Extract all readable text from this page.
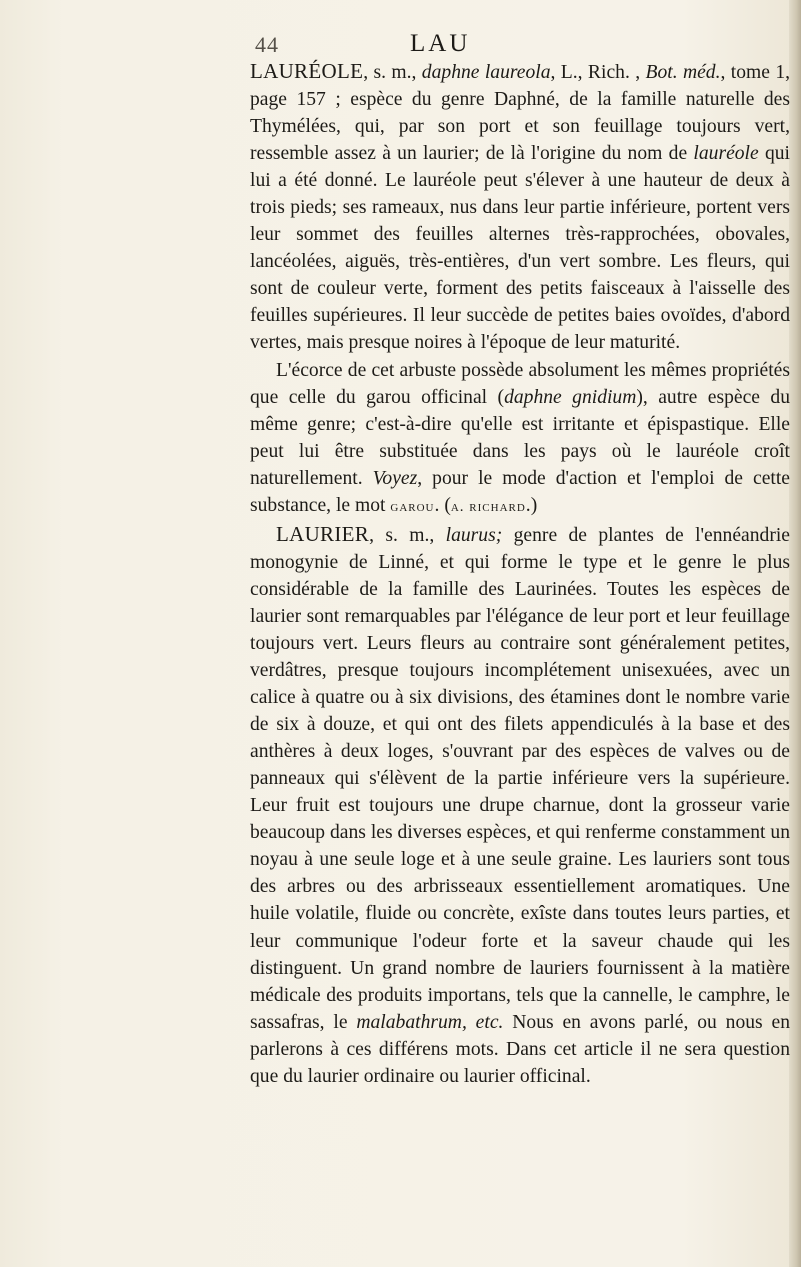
44	LAU

LAURÉOLE, s. m., daphne laureola, L., Rich. , Bot. méd., tome 1, page 157 ; espèce du genre Daphné, de la famille naturelle des Thymélées, qui, par son port et son feuillage toujours vert, ressemble assez à un laurier; de là l'origine du nom de lauréole qui lui a été donné. Le lauréole peut s'élever à une hauteur de deux à trois pieds; ses rameaux, nus dans leur partie inférieure, portent vers leur sommet des feuilles alternes très-rapprochées, obovales, lancéolées, aiguës, très-entières, d'un vert sombre. Les fleurs, qui sont de couleur verte, forment des petits faisceaux à l'aisselle des feuilles supérieures. Il leur succède de petites baies ovoïdes, d'abord vertes, mais presque noires à l'époque de leur maturité.

L'écorce de cet arbuste possède absolument les mêmes propriétés que celle du garou officinal (daphne gnidium), autre espèce du même genre; c'est-à-dire qu'elle est irritante et épispastique. Elle peut lui être substituée dans les pays où le lauréole croît naturellement. Voyez, pour le mode d'action et l'emploi de cette substance, le mot garou. (a. richard.)

LAURIER, s. m., laurus; genre de plantes de l'ennéandrie monogynie de Linné, et qui forme le type et le genre le plus considérable de la famille des Laurinées. Toutes les espèces de laurier sont remarquables par l'élégance de leur port et leur feuillage toujours vert. Leurs fleurs au contraire sont généralement petites, verdâtres, presque toujours incomplétement unisexuées, avec un calice à quatre ou à six divisions, des étamines dont le nombre varie de six à douze, et qui ont des filets appendiculés à la base et des anthères à deux loges, s'ouvrant par des espèces de valves ou de panneaux qui s'élèvent de la partie inférieure vers la supérieure. Leur fruit est toujours une drupe charnue, dont la grosseur varie beaucoup dans les diverses espèces, et qui renferme constamment un noyau à une seule loge et à une seule graine. Les lauriers sont tous des arbres ou des arbrisseaux essentiellement aromatiques. Une huile volatile, fluide ou concrète, exîste dans toutes leurs parties, et leur communique l'odeur forte et la saveur chaude qui les distinguent. Un grand nombre de lauriers fournissent à la matière médicale des produits importans, tels que la cannelle, le camphre, le sassafras, le malabathrum, etc. Nous en avons parlé, ou nous en parlerons à ces différens mots. Dans cet article il ne sera question que du laurier ordinaire ou laurier officinal.
